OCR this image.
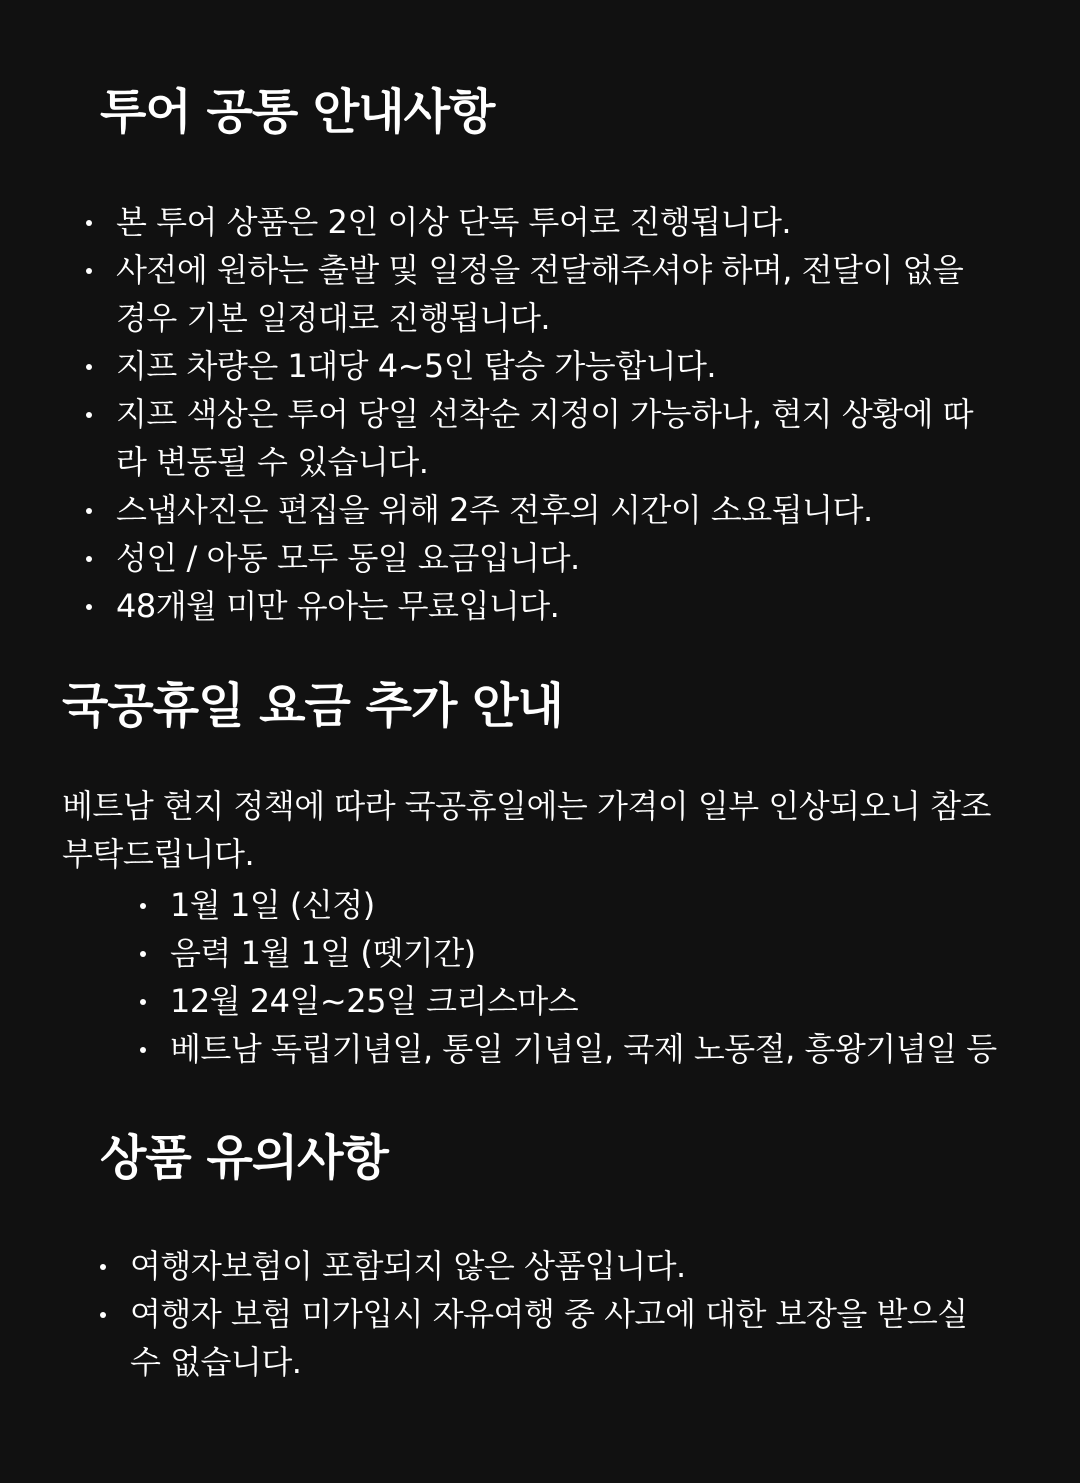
투어 공통 안내사항
본 투어 상품은 2인 이상 단독 투어로 진행됩니다.
사전에 원하는 출발 및 일정을 전달해주셔야 하며, 전달이 없을 경우 기본 일정대로 진행됩니다.
지프 차량은 1대당 4~5인 탑승 가능합니다.
지프 색상은 투어 당일 선착순 지정이 가능하나, 현지 상황에 따라 변동될 수 있습니다.
스냅사진은 편집을 위해 2주 전후의 시간이 소요됩니다.
성인 / 아동 모두 동일 요금입니다.
48개월 미만 유아는 무료입니다.
국공휴일 요금 추가 안내

베트남 현지 정책에 따라 국공휴일에는 가격이 일부 인상되오니 참조 부탁드립니다.

1월 1일 (신정)
음력 1월 1일 (뗏기간)
12월 24일~25일 크리스마스
베트남 독립기념일, 통일 기념일, 국제 노동절, 흥왕기념일 등
상품 유의사항
여행자보험이 포함되지 않은 상품입니다.
여행자 보험 미가입시 자유여행 중 사고에 대한 보장을 받으실 수 없습니다.
